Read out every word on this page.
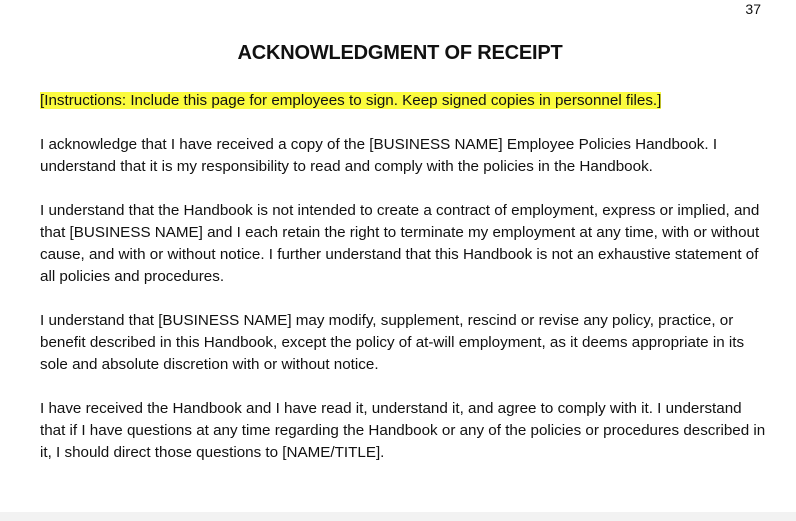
37
ACKNOWLEDGMENT OF RECEIPT

[Instructions: Include this page for employees to sign. Keep signed copies in personnel files.]

I acknowledge that I have received a copy of the [BUSINESS NAME] Employee Policies Handbook. I understand that it is my responsibility to read and comply with the policies in the Handbook.

I understand that the Handbook is not intended to create a contract of employment, express or implied, and that [BUSINESS NAME] and I each retain the right to terminate my employment at any time, with or without cause, and with or without notice. I further understand that this Handbook is not an exhaustive statement of all policies and procedures.

I understand that [BUSINESS NAME] may modify, supplement, rescind or revise any policy, practice, or benefit described in this Handbook, except the policy of at-will employment, as it deems appropriate in its sole and absolute discretion with or without notice.

I have received the Handbook and I have read it, understand it, and agree to comply with it. I understand that if I have questions at any time regarding the Handbook or any of the policies or procedures described in it, I should direct those questions to [NAME/TITLE].
